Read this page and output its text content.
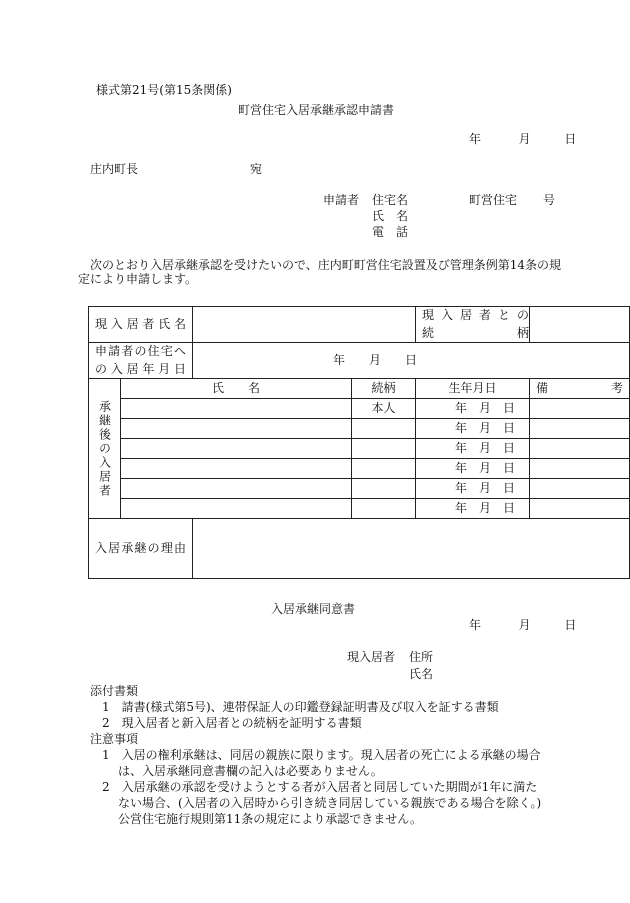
様式第21号(第15条関係)
町営住宅入居承継承認申請書
年	月	日
庄内町長	宛
申請者 住宅名	町営住宅 号
氏　名
電　話
次のとおり入居承継承認を受けたいので、庄内町町営住宅設置及び管理条例第14条の規
定により申請します。
現入居者氏名				現入居者との
続　　柄	

申請者の住宅へ
の入居年月日		年　　月　　日			
承継後の入居者	氏　　名		続柄	生年月日	備　　考
			本人	年 月 日	
				年 月 日	
				年 月 日	
				年 月 日	
				年 月 日	
				年 月 日	
入居承継の理由					
入居承継同意書
年	月	日
現入居者 住所
氏名
添付書類
1　請書(様式第5号)、連帯保証人の印鑑登録証明書及び収入を証する書類
2　現入居者と新入居者との続柄を証明する書類
注意事項
1　入居の権利承継は、同居の親族に限ります。現入居者の死亡による承継の場合
は、入居承継同意書欄の記入は必要ありません。
2　入居承継の承認を受けようとする者が入居者と同居していた期間が1年に満た
ない場合、(入居者の入居時から引き続き同居している親族である場合を除く。)
公営住宅施行規則第11条の規定により承認できません。
